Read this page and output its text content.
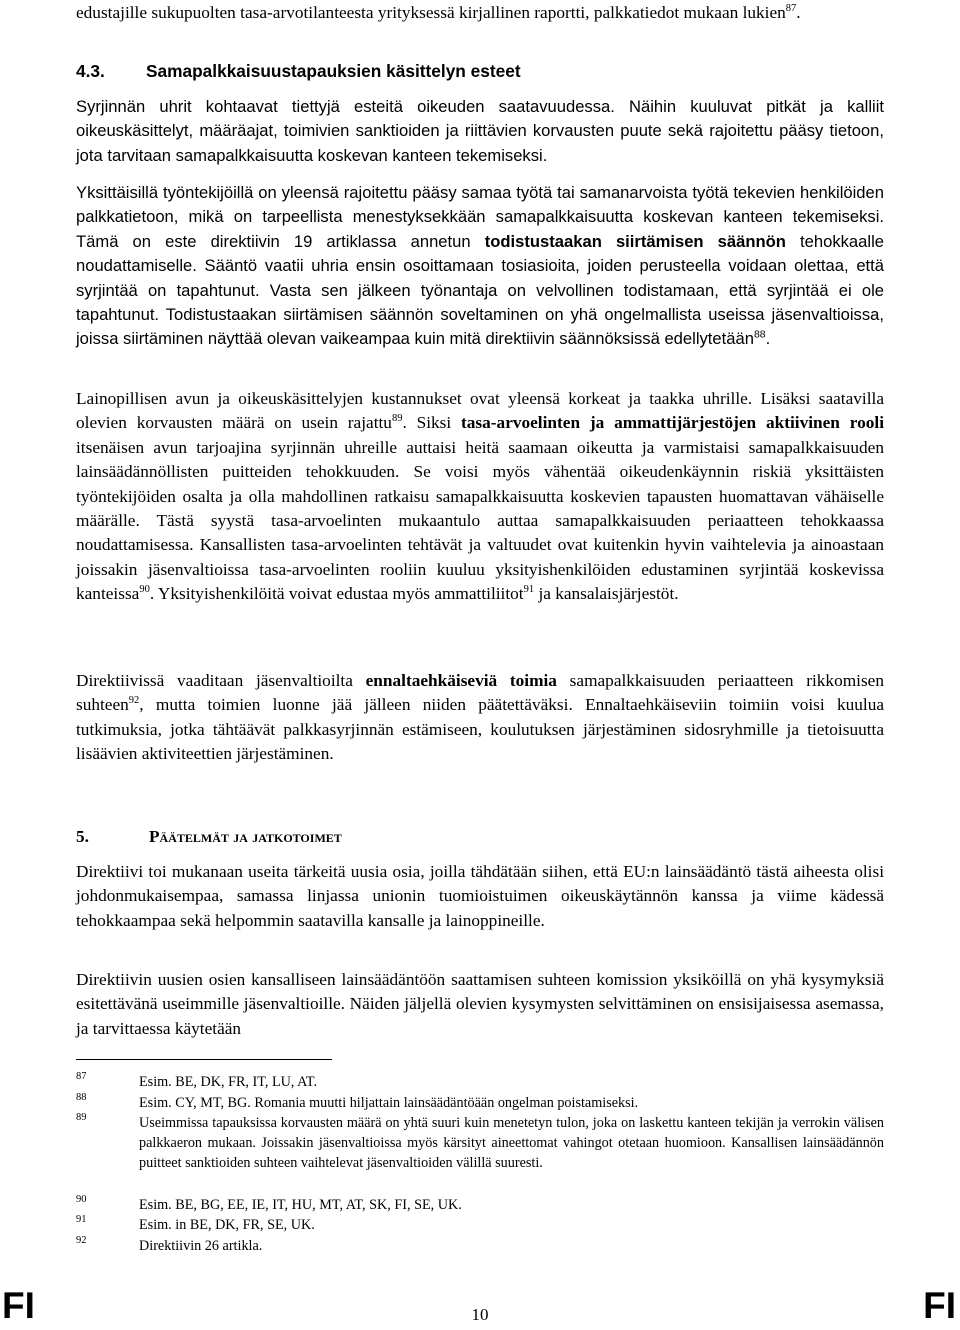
edustajille sukupuolten tasa-arvotilanteesta yrityksessä kirjallinen raportti, palkkatiedot mukaan lukien$^{87}$.

4.3. Samapalkkaisuustapauksien käsittelyn esteet

Syrjinnän uhrit kohtaavat tiettyjä esteitä oikeuden saatavuudessa. Näihin kuuluvat pitkät ja kalliit oikeuskäsittelyt, määräajat, toimivien sanktioiden ja riittävien korvausten puute sekä rajoitettu pääsy tietoon, jota tarvitaan samapalkkaisuutta koskevan kanteen tekemiseksi.

Yksittäisillä työntekijöillä on yleensä rajoitettu pääsy samaa työtä tai samanarvoista työtä tekevien henkilöiden palkkatietoon, mikä on tarpeellista menestyksekkään samapalkkaisuutta koskevan kanteen tekemiseksi. Tämä on este direktiivin 19 artiklassa annetun todistustaakan siirtämisen säännön tehokkaalle noudattamiselle. Sääntö vaatii uhria ensin osoittamaan tosiasioita, joiden perusteella voidaan olettaa, että syrjintää on tapahtunut. Vasta sen jälkeen työnantaja on velvollinen todistamaan, että syrjintää ei ole tapahtunut. Todistustaakan siirtämisen säännön soveltaminen on yhä ongelmallista useissa jäsenvaltioissa, joissa siirtäminen näyttää olevan vaikeampaa kuin mitä direktiivin säännöksissä edellytetään$^{88}$.

Lainopillisen avun ja oikeuskäsittelyjen kustannukset ovat yleensä korkeat ja taakka uhrille. Lisäksi saatavilla olevien korvausten määrä on usein rajattu$^{89}$. Siksi tasa-arvoelinten ja ammattijärjestöjen aktiivinen rooli itsenäisen avun tarjoajina syrjinnän uhreille auttaisi heitä saamaan oikeutta ja varmistaisi samapalkkaisuuden lainsäädännöllisten puitteiden tehokkuuden. Se voisi myös vähentää oikeudenkäynnin riskiä yksittäisten työntekijöiden osalta ja olla mahdollinen ratkaisu samapalkkaisuutta koskevien tapausten huomattavan vähäiselle määrälle. Tästä syystä tasa-arvoelinten mukaantulo auttaa samapalkkaisuuden periaatteen tehokkaassa noudattamisessa. Kansallisten tasa-arvoelinten tehtävät ja valtuudet ovat kuitenkin hyvin vaihtelevia ja ainoastaan joissakin jäsenvaltioissa tasa-arvoelinten rooliin kuuluu yksityishenkilöiden edustaminen syrjintää koskevissa kanteissa$^{90}$. Yksityishenkilöitä voivat edustaa myös ammattiliitot$^{91}$ ja kansalaisjärjestöt.

Direktiivissä vaaditaan jäsenvaltioilta ennaltaehkäiseviä toimia samapalkkaisuuden periaatteen rikkomisen suhteen$^{92}$, mutta toimien luonne jää jälleen niiden päätettäväksi. Ennaltaehkäiseviin toimiin voisi kuulua tutkimuksia, jotka tähtäävät palkkasyrjinnän estämiseen, koulutuksen järjestäminen sidosryhmille ja tietoisuutta lisäävien aktiviteettien järjestäminen.

5.	Päätelmät ja jatkotoimet

Direktiivi toi mukanaan useita tärkeitä uusia osia, joilla tähdätään siihen, että EU:n lainsäädäntö tästä aiheesta olisi johdonmukaisempaa, samassa linjassa unionin tuomioistuimen oikeuskäytännön kanssa ja viime kädessä tehokkaampaa sekä helpommin saatavilla kansalle ja lainoppineille.

Direktiivin uusien osien kansalliseen lainsäädäntöön saattamisen suhteen komission yksiköillä on yhä kysymyksiä esitettävänä useimmille jäsenvaltioille. Näiden jäljellä olevien kysymysten selvittäminen on ensisijaisessa asemassa, ja tarvittaessa käytetään

87	Esim. BE, DK, FR, IT, LU, AT.
88	Esim. CY, MT, BG. Romania muutti hiljattain lainsäädäntöään ongelman poistamiseksi.
89	Useimmissa tapauksissa korvausten määrä on yhtä suuri kuin menetetyn tulon, joka on laskettu kanteen tekijän ja verrokin välisen palkkaeron mukaan. Joissakin jäsenvaltioissa myös kärsityt aineettomat vahingot otetaan huomioon. Kansallisen lainsäädännön puitteet sanktioiden suhteen vaihtelevat jäsenvaltioiden välillä suuresti.
90	Esim. BE, BG, EE, IE, IT, HU, MT, AT, SK, FI, SE, UK.
91	Esim. in BE, DK, FR, SE, UK.
92	Direktiivin 26 artikla.
FI	10	FI
